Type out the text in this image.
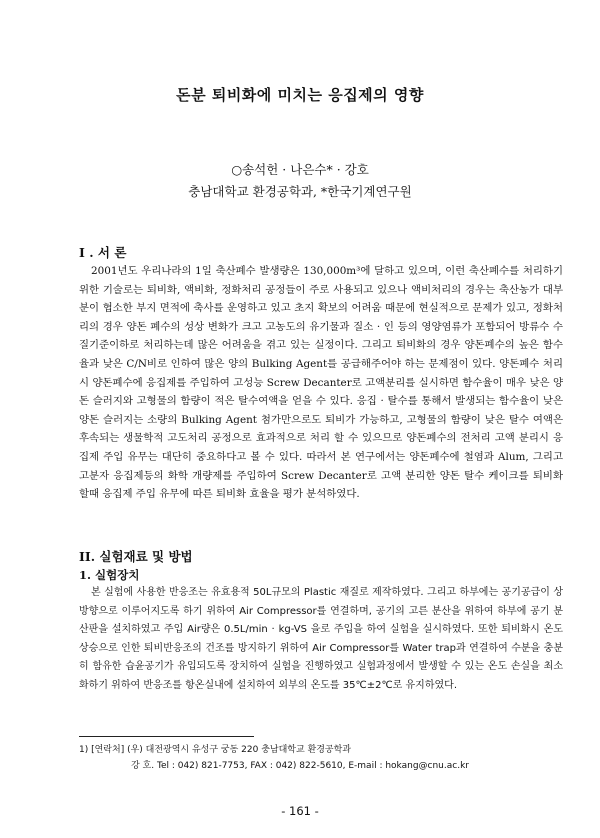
돈분 퇴비화에 미치는 응집제의 영향
○송석헌 · 나은수* · 강호
충남대학교 환경공학과, *한국기계연구원
I . 서 론

2001년도 우리나라의 1일 축산폐수 발생량은 130,000m³에 달하고 있으며, 이런 축산폐수를 처리하기 위한 기술로는 퇴비화, 액비화, 정화처리 공정들이 주로 사용되고 있으나 액비처리의 경우는 축산농가 대부분이 협소한 부지 면적에 축사를 운영하고 있고 초지 확보의 어려움 때문에 현실적으로 문제가 있고, 정화처리의 경우 양돈 폐수의 성상 변화가 크고 고농도의 유기물과 질소 · 인 등의 영양염류가 포함되어 방류수 수질기준이하로 처리하는데 많은 어려움을 겪고 있는 실정이다. 그리고 퇴비화의 경우 양돈폐수의 높은 함수율과 낮은 C/N비로 인하여 많은 양의 Bulking Agent를 공급해주어야 하는 문제점이 있다. 양돈폐수 처리 시 양돈폐수에 응집제를 주입하여 고성능 Screw Decanter로 고액분리를 실시하면 함수율이 매우 낮은 양돈 슬러지와 고형물의 함량이 적은 탈수여액을 얻을 수 있다. 응집 · 탈수를 통해서 발생되는 함수율이 낮은 양돈 슬러지는 소량의 Bulking Agent 첨가만으로도 퇴비가 가능하고, 고형물의 함량이 낮은 탈수 여액은 후속되는 생물학적 고도처리 공정으로 효과적으로 처리 할 수 있으므로 양돈폐수의 전처리 고액 분리시 응집제 주입 유무는 대단히 중요하다고 볼 수 있다. 따라서 본 연구에서는 양돈폐수에 철염과 Alum, 그리고 고분자 응집제등의 화학 개량제를 주입하여 Screw Decanter로 고액 분리한 양돈 탈수 케이크를 퇴비화 할때 응집제 주입 유무에 따른 퇴비화 효율을 평가 분석하였다.

II. 실험재료 및 방법
1. 실험장치

본 실험에 사용한 반응조는 유효용적 50L규모의 Plastic 재질로 제작하였다. 그리고 하부에는 공기공급이 상 방향으로 이루어지도록 하기 위하여 Air Compressor를 연결하며, 공기의 고른 분산을 위하여 하부에 공기 분산판을 설치하였고 주입 Air량은 0.5L/min · kg-VS 을로 주입을 하여 실험을 실시하였다. 또한 퇴비화시 온도상승으로 인한 퇴비반응조의 건조를 방지하기 위하여 Air Compressor를 Water trap과 연결하여 수분을 충분히 함유한 습윤공기가 유입되도록 장치하여 실험을 진행하였고 실험과정에서 발생할 수 있는 온도 손실을 최소화하기 위하여 반응조를 항온실내에 설치하여 외부의 온도를 35℃±2℃로 유지하였다.

1) [연락처] (우) 대전광역시 유성구 궁동 220 충남대학교 환경공학과
강 호. Tel : 042) 821-7753, FAX : 042) 822-5610, E-mail : hokang@cnu.ac.kr
- 161 -
